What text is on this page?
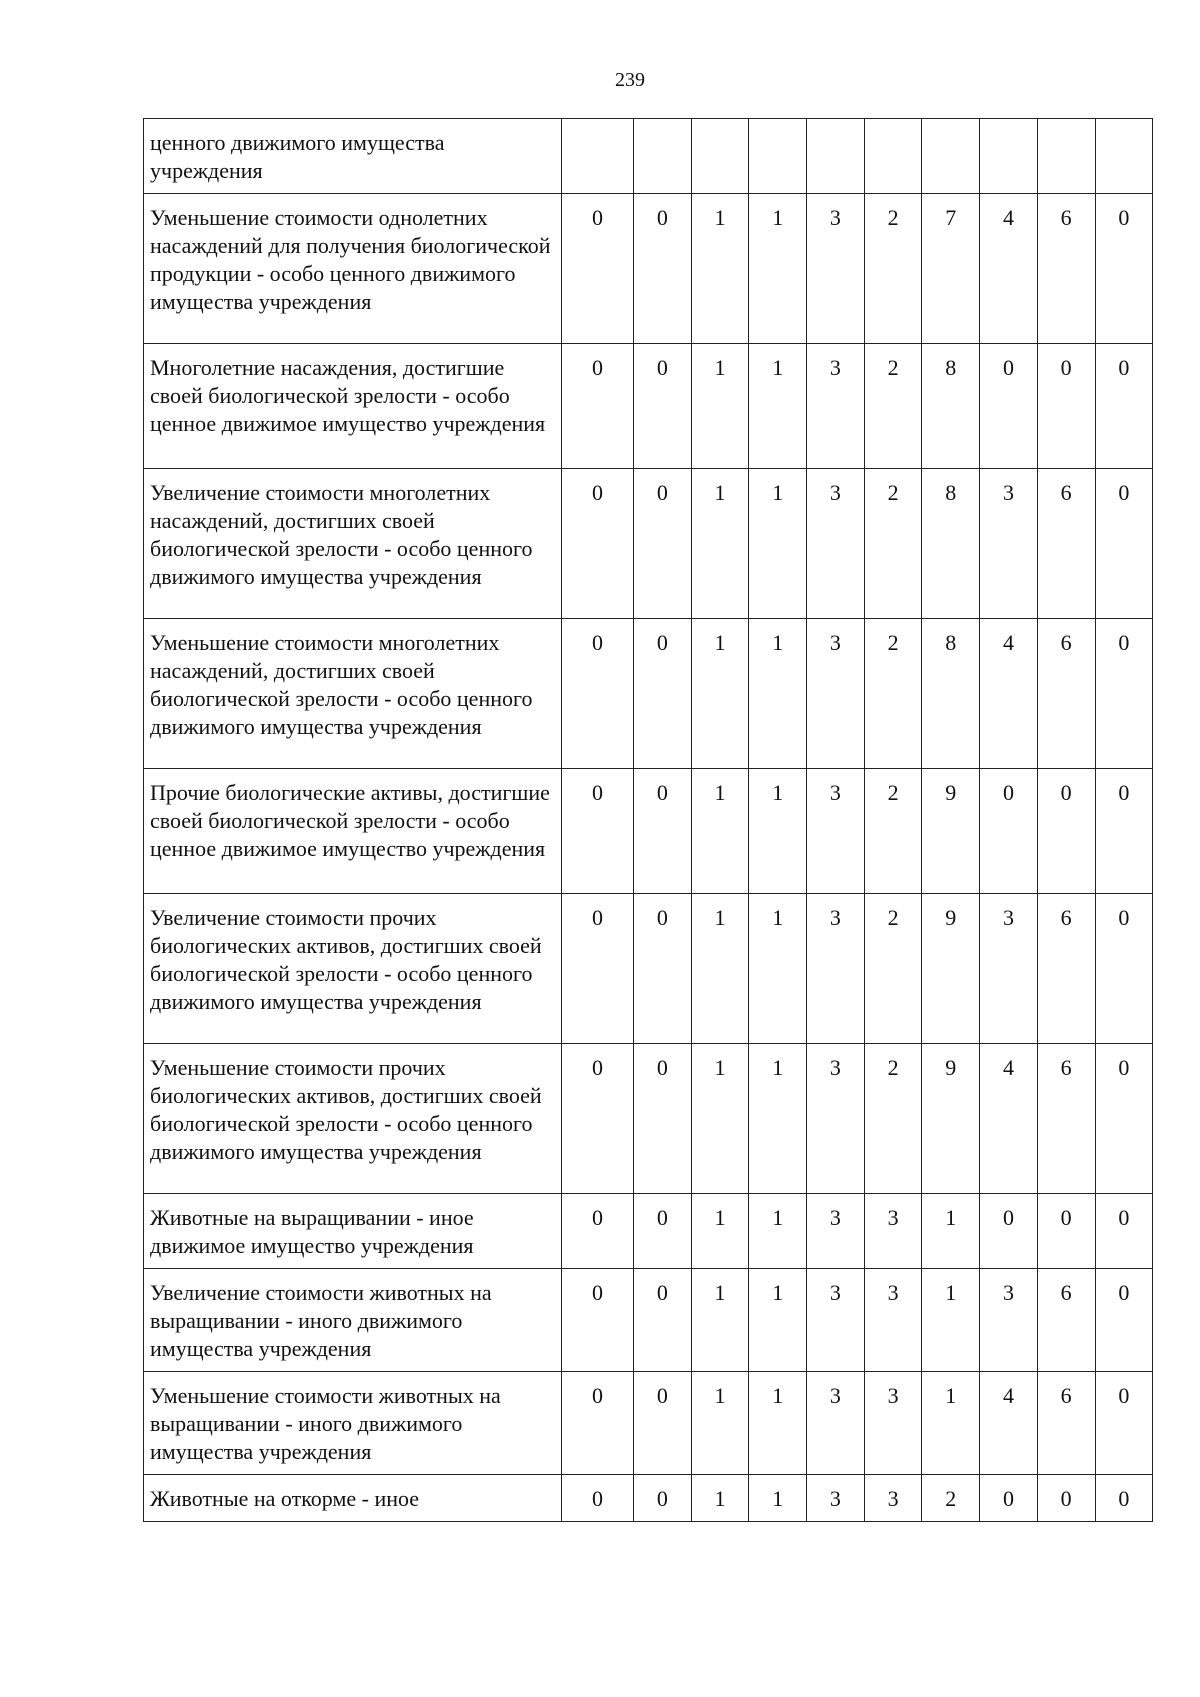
239
ценного движимого имущества учреждения										
Уменьшение стоимости однолетних насаждений для получения биологической продукции - особо ценного движимого имущества учреждения	0	0	1	1	3	2	7	4	6	0
Многолетние насаждения, достигшие своей биологической зрелости - особо ценное движимое имущество учреждения	0	0	1	1	3	2	8	0	0	0
Увеличение стоимости многолетних насаждений, достигших своей биологической зрелости - особо ценного движимого имущества учреждения	0	0	1	1	3	2	8	3	6	0
Уменьшение стоимости многолетних насаждений, достигших своей биологической зрелости - особо ценного движимого имущества учреждения	0	0	1	1	3	2	8	4	6	0
Прочие биологические активы, достигшие своей биологической зрелости - особо ценное движимое имущество учреждения	0	0	1	1	3	2	9	0	0	0
Увеличение стоимости прочих биологических активов, достигших своей биологической зрелости - особо ценного движимого имущества учреждения	0	0	1	1	3	2	9	3	6	0
Уменьшение стоимости прочих биологических активов, достигших своей биологической зрелости - особо ценного движимого имущества учреждения	0	0	1	1	3	2	9	4	6	0
Животные на выращивании - иное движимое имущество учреждения	0	0	1	1	3	3	1	0	0	0
Увеличение стоимости животных на выращивании - иного движимого имущества учреждения	0	0	1	1	3	3	1	3	6	0
Уменьшение стоимости животных на выращивании - иного движимого имущества учреждения	0	0	1	1	3	3	1	4	6	0
Животные на откорме - иное	0	0	1	1	3	3	2	0	0	0
